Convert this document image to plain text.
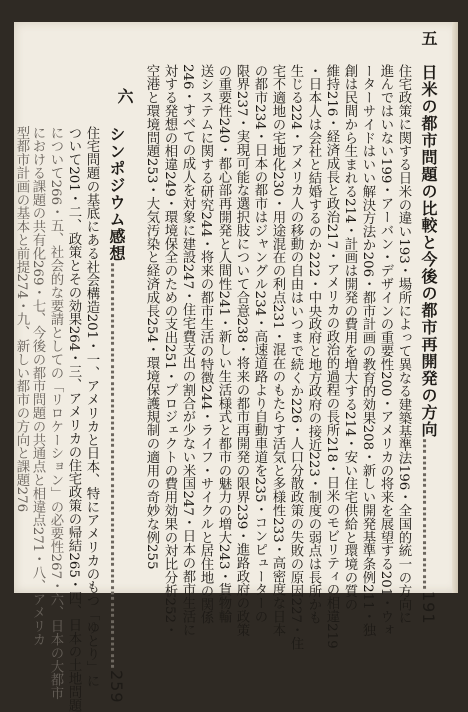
五
日米の都市問題の比較と今後の都市再開発の方向………………………191

住宅政策に関する日米の違い193・場所によって異なる建築基準法196・全国的統一の方向に

進んではいない199・アーバン・デザインの重要性200・アメリカの将来を展望する201・ウォ

ーターサイドはいい解決方法か206・都市計画の教育的効果208・新しい開発基準条例211・独

創は民間から生まれる214・計画は開発の費用を増大する214・安い住宅供給と環境の質の

維持216・経済成長と政治217・アメリカの政治的過程の長所218・日米のモビリティの相違219

・日本人は会社と結婚するのか222・中央政府と地方政府の接近223・制度の弱点は長所かも

生じる224・アメリカ人の移動の自由はいつまで続くか226・人口分散政策の失敗の原因227・住

宅不適地の宅地化230・用途混在の利点231・混在のもたらす活気と多様性233・高密度な日本

の都市234・日本の都市はジャングル234・高速道路より自動車道を235・コンピューターの

限界237・実現可能な選択肢について合意238・将来の都市再開発の限界239・進路政府の政策

の重要性240・都心部再開発と人間性241・新しい生活様式と都市の魅力の増大243・貨物輸

送システムに関する研究244・将来の都市生活の特徴244・ライフ・サイクルと居住地の関係

246・すべての成人を対象に建設247・住宅費支出の割合が少ない米国247・日本の都市生活に

対する発想の相違249・環境保全のための支出251・プロジェクトの費用効果の対比分析252・

空港と環境問題253・大気汚染と経済成長254・環境保護規制の適用の奇妙な例255

六
シンポジウム感想………………………………………………………………259

住宅問題の基底にある社会構造201・一、アメリカと日本、特にアメリカのもつ「ゆとり」に

ついて201・二、政策とその効果264・三、アメリカの住宅政策の帰結265・四、日本の土地問題

について266・五、社会的な要請としての「リロケーション」の必要性267・六、日本の大都市

における課題の共有化269・七、今後の都市問題の共通点と相違点271・八、アメリカ

型都市計画の基本と前提274・九、新しい都市の方向と課題276
